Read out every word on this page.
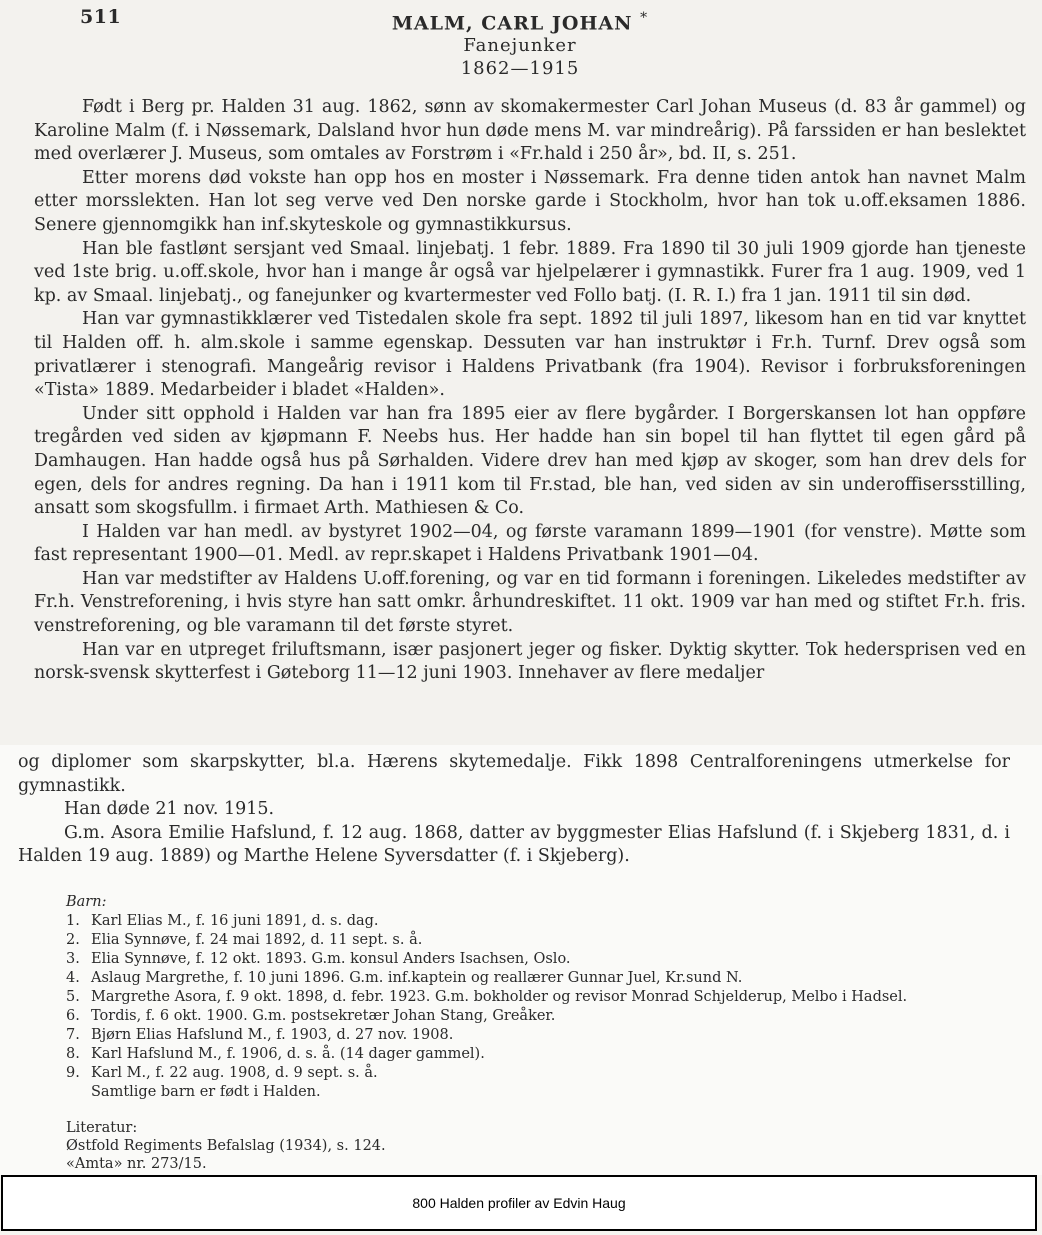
511	MALM, CARL JOHAN *
Fanejunker
1862—1915

Født i Berg pr. Halden 31 aug. 1862, sønn av skomakermester Carl Johan Museus (d. 83 år gammel) og Karoline Malm (f. i Nøssemark, Dalsland hvor hun døde mens M. var mindreårig). På farssiden er han beslektet med overlærer J. Museus, som omtales av Forstrøm i «Fr.hald i 250 år», bd. II, s. 251.

Etter morens død vokste han opp hos en moster i Nøssemark. Fra denne tiden antok han navnet Malm etter morsslekten. Han lot seg verve ved Den norske garde i Stockholm, hvor han tok u.off.eksamen 1886. Senere gjennomgikk han inf.skyteskole og gymnastikkursus.

Han ble fastlønt sersjant ved Smaal. linjebatj. 1 febr. 1889. Fra 1890 til 30 juli 1909 gjorde han tjeneste ved 1ste brig. u.off.skole, hvor han i mange år også var hjelpelærer i gymnastikk. Furer fra 1 aug. 1909, ved 1 kp. av Smaal. linjebatj., og fanejunker og kvartermester ved Follo batj. (I. R. I.) fra 1 jan. 1911 til sin død.

Han var gymnastikklærer ved Tistedalen skole fra sept. 1892 til juli 1897, likesom han en tid var knyttet til Halden off. h. alm.skole i samme egenskap. Dessuten var han instruktør i Fr.h. Turnf. Drev også som privatlærer i stenografi. Mangeårig revisor i Haldens Privatbank (fra 1904). Revisor i forbruksforeningen «Tista» 1889. Medarbeider i bladet «Halden».

Under sitt opphold i Halden var han fra 1895 eier av flere bygårder. I Borgerskansen lot han oppføre tregården ved siden av kjøpmann F. Neebs hus. Her hadde han sin bopel til han flyttet til egen gård på Damhaugen. Han hadde også hus på Sørhalden. Videre drev han med kjøp av skoger, som han drev dels for egen, dels for andres regning. Da han i 1911 kom til Fr.stad, ble han, ved siden av sin underoffisersstilling, ansatt som skogsfullm. i firmaet Arth. Mathiesen & Co.

I Halden var han medl. av bystyret 1902—04, og første varamann 1899—1901 (for venstre). Møtte som fast representant 1900—01. Medl. av repr.skapet i Haldens Privatbank 1901—04.

Han var medstifter av Haldens U.off.forening, og var en tid formann i foreningen. Likeledes medstifter av Fr.h. Venstreforening, i hvis styre han satt omkr. århundreskiftet. 11 okt. 1909 var han med og stiftet Fr.h. fris. venstreforening, og ble varamann til det første styret.

Han var en utpreget friluftsmann, især pasjonert jeger og fisker. Dyktig skytter. Tok hedersprisen ved en norsk-svensk skytterfest i Gøteborg 11—12 juni 1903. Innehaver av flere medaljer

og diplomer som skarpskytter, bl.a. Hærens skytemedalje. Fikk 1898 Centralforeningens utmerkelse for gymnastikk.

Han døde 21 nov. 1915.

G.m. Asora Emilie Hafslund, f. 12 aug. 1868, datter av byggmester Elias Hafslund (f. i Skjeberg 1831, d. i Halden 19 aug. 1889) og Marthe Helene Syversdatter (f. i Skjeberg).

Barn:
1. Karl Elias M., f. 16 juni 1891, d. s. dag.
2. Elia Synnøve, f. 24 mai 1892, d. 11 sept. s. å.
3. Elia Synnøve, f. 12 okt. 1893. G.m. konsul Anders Isachsen, Oslo.
4. Aslaug Margrethe, f. 10 juni 1896. G.m. inf.kaptein og reallærer Gunnar Juel, Kr.sund N.
5. Margrethe Asora, f. 9 okt. 1898, d. febr. 1923. G.m. bokholder og revisor Monrad Schjelderup, Melbo i Hadsel.
6. Tordis, f. 6 okt. 1900. G.m. postsekretær Johan Stang, Greåker.
7. Bjørn Elias Hafslund M., f. 1903, d. 27 nov. 1908.
8. Karl Hafslund M., f. 1906, d. s. å. (14 dager gammel).
9. Karl M., f. 22 aug. 1908, d. 9 sept. s. å.
Samtlige barn er født i Halden.
Literatur:
Østfold Regiments Befalslag (1934), s. 124.
«Amta» nr. 273/15.
800 Halden profiler av Edvin Haug
